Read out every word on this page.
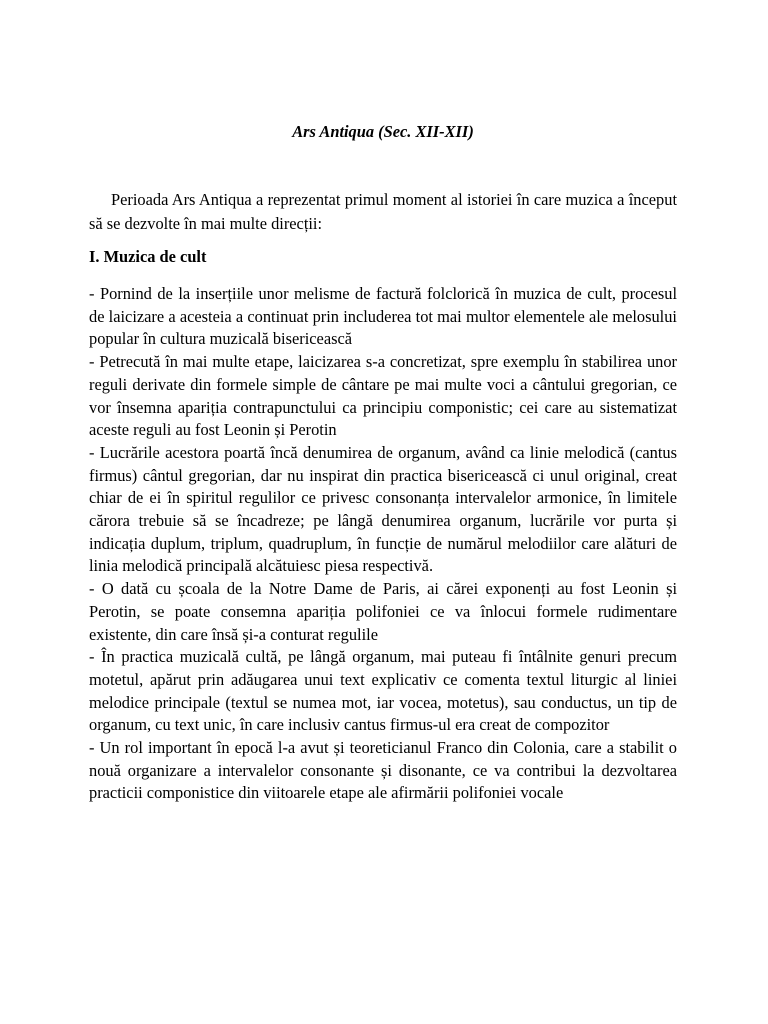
Ars Antiqua (Sec. XII-XII)

Perioada Ars Antiqua a reprezentat primul moment al istoriei în care muzica a început să se dezvolte în mai multe direcții:

I. Muzica de cult

- Pornind de la inserțiile unor melisme de factură folclorică în muzica de cult, procesul de laicizare a acesteia a continuat prin includerea tot mai multor elementele ale melosului popular în cultura muzicală bisericească

- Petrecută în mai multe etape, laicizarea s-a concretizat, spre exemplu în stabilirea unor reguli derivate din formele simple de cântare pe mai multe voci a cântului gregorian, ce vor însemna apariția contrapunctului ca principiu componistic; cei care au sistematizat aceste reguli au fost Leonin și Perotin

- Lucrările acestora poartă încă denumirea de organum, având ca linie melodică (cantus firmus) cântul gregorian, dar nu inspirat din practica bisericească ci unul original, creat chiar de ei în spiritul regulilor ce privesc consonanța intervalelor armonice, în limitele cărora trebuie să se încadreze; pe lângă denumirea organum, lucrările vor purta și indicația duplum, triplum, quadruplum, în funcție de numărul melodiilor care alături de linia melodică principală alcătuiesc piesa respectivă.

- O dată cu școala de la Notre Dame de Paris, ai cărei exponenți au fost Leonin și Perotin, se poate consemna apariția polifoniei ce va înlocui formele rudimentare existente, din care însă și-a conturat regulile

- În practica muzicală cultă, pe lângă organum, mai puteau fi întâlnite genuri precum motetul, apărut prin adăugarea unui text explicativ ce comenta textul liturgic al liniei melodice principale (textul se numea mot, iar vocea, motetus), sau conductus, un tip de organum, cu text unic, în care inclusiv cantus firmus-ul era creat de compozitor

- Un rol important în epocă l-a avut și teoreticianul Franco din Colonia, care a stabilit o nouă organizare a intervalelor consonante și disonante, ce va contribui la dezvoltarea practicii componistice din viitoarele etape ale afirmării polifoniei vocale
